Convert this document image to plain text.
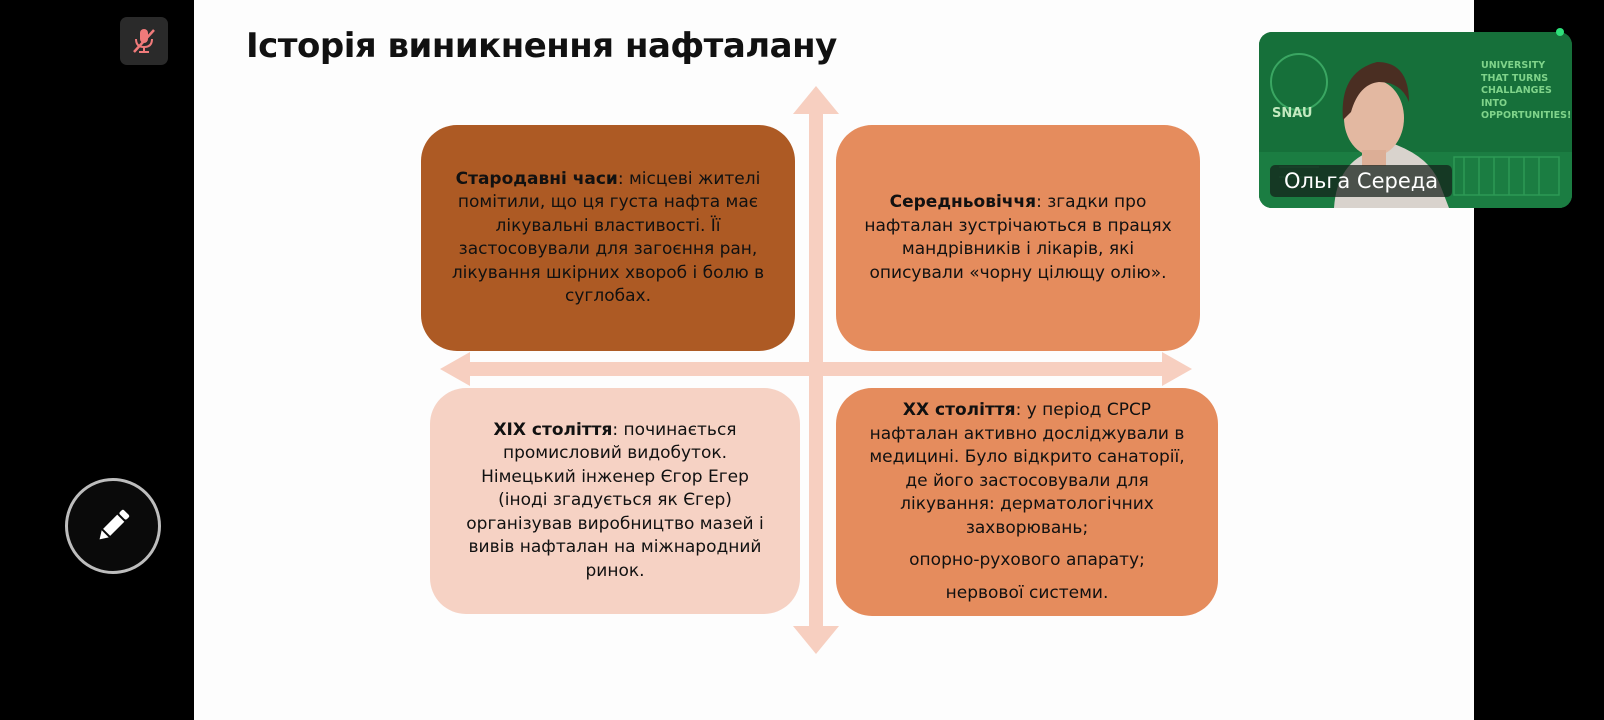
Історія виникнення нафталану

Стародавні часи: місцеві жителі помітили, що ця густа нафта має лікувальні властивості. Її застосовували для загоєння ран, лікування шкірних хвороб і болю в суглобах.

Середньовіччя: згадки про нафталан зустрічаються в працях мандрівників і лікарів, які описували «чорну цілющу олію».

XIX століття: починається промисловий видобуток. Німецький інженер Єгор Егер (іноді згадується як Єгер) організував виробництво мазей і вивів нафталан на міжнародний ринок.

XX століття: у період СРСР нафталан активно досліджували в медицині. Було відкрито санаторії, де його застосовували для лікування: дерматологічних захворювань;

опорно-рухового апарату;

нервової системи.

SNAU
UNIVERSITY
THAT TURNS
CHALLANGES
INTO
OPPORTUNITIES!
Ольга Середа
